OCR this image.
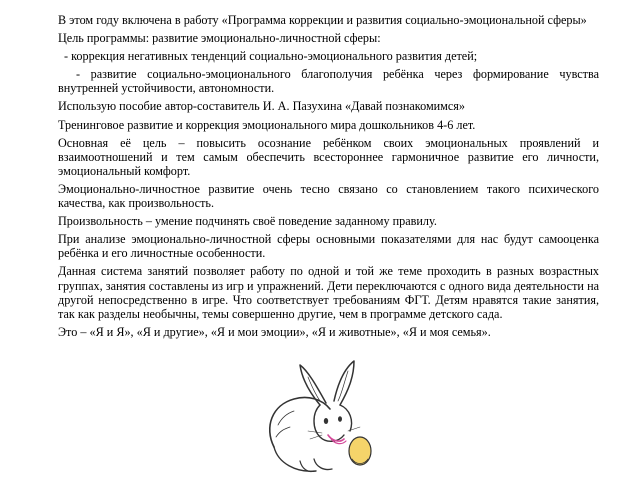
В этом году включена в работу «Программа коррекции и развития социально-эмоциональной сферы»

Цель программы: развитие эмоционально-личностной сферы:

- коррекция негативных тенденций социально-эмоционального развития детей;

- развитие социально-эмоционального благополучия ребёнка через формирование чувства внутренней устойчивости, автономности.

Использую пособие автор-составитель И. А. Пазухина «Давай познакомимся»

Тренинговое развитие и коррекция эмоционального мира дошкольников 4-6 лет.

Основная её цель – повысить осознание ребёнком своих эмоциональных проявлений и взаимоотношений и тем самым обеспечить всестороннее гармоничное развитие его личности, эмоциональный комфорт.

Эмоционально-личностное развитие очень тесно связано со становлением такого психического качества, как произвольность.

Произвольность – умение подчинять своё поведение заданному правилу.

При анализе эмоционально-личностной сферы основными показателями для нас будут самооценка ребёнка и его личностные особенности.

Данная система занятий позволяет работу по одной и той же теме проходить в разных возрастных группах, занятия составлены из игр и упражнений. Дети переключаются с одного вида деятельности на другой непосредственно в игре. Что соответствует требованиям ФГТ. Детям нравятся такие занятия, так как разделы необычны, темы совершенно другие, чем в программе детского сада.

Это – «Я и Я», «Я и другие», «Я и мои эмоции», «Я и животные», «Я и моя семья».
